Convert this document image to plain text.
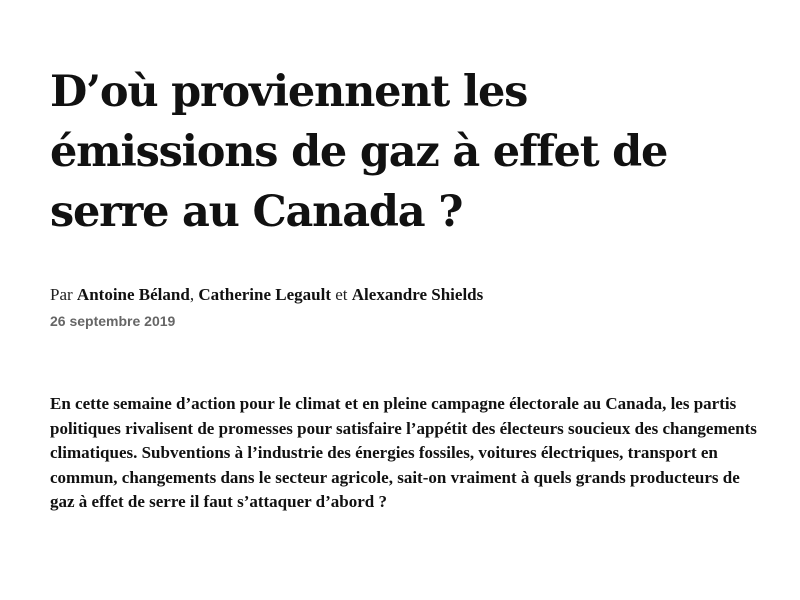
D’où proviennent les émissions de gaz à effet de serre au Canada ?
Par Antoine Béland, Catherine Legault et Alexandre Shields
26 septembre 2019

En cette semaine d’action pour le climat et en pleine campagne électorale au Canada, les partis politiques rivalisent de promesses pour satisfaire l’appétit des électeurs soucieux des changements climatiques. Subventions à l’industrie des énergies fossiles, voitures électriques, transport en commun, changements dans le secteur agricole, sait-on vraiment à quels grands producteurs de gaz à effet de serre il faut s’attaquer d’abord ?
